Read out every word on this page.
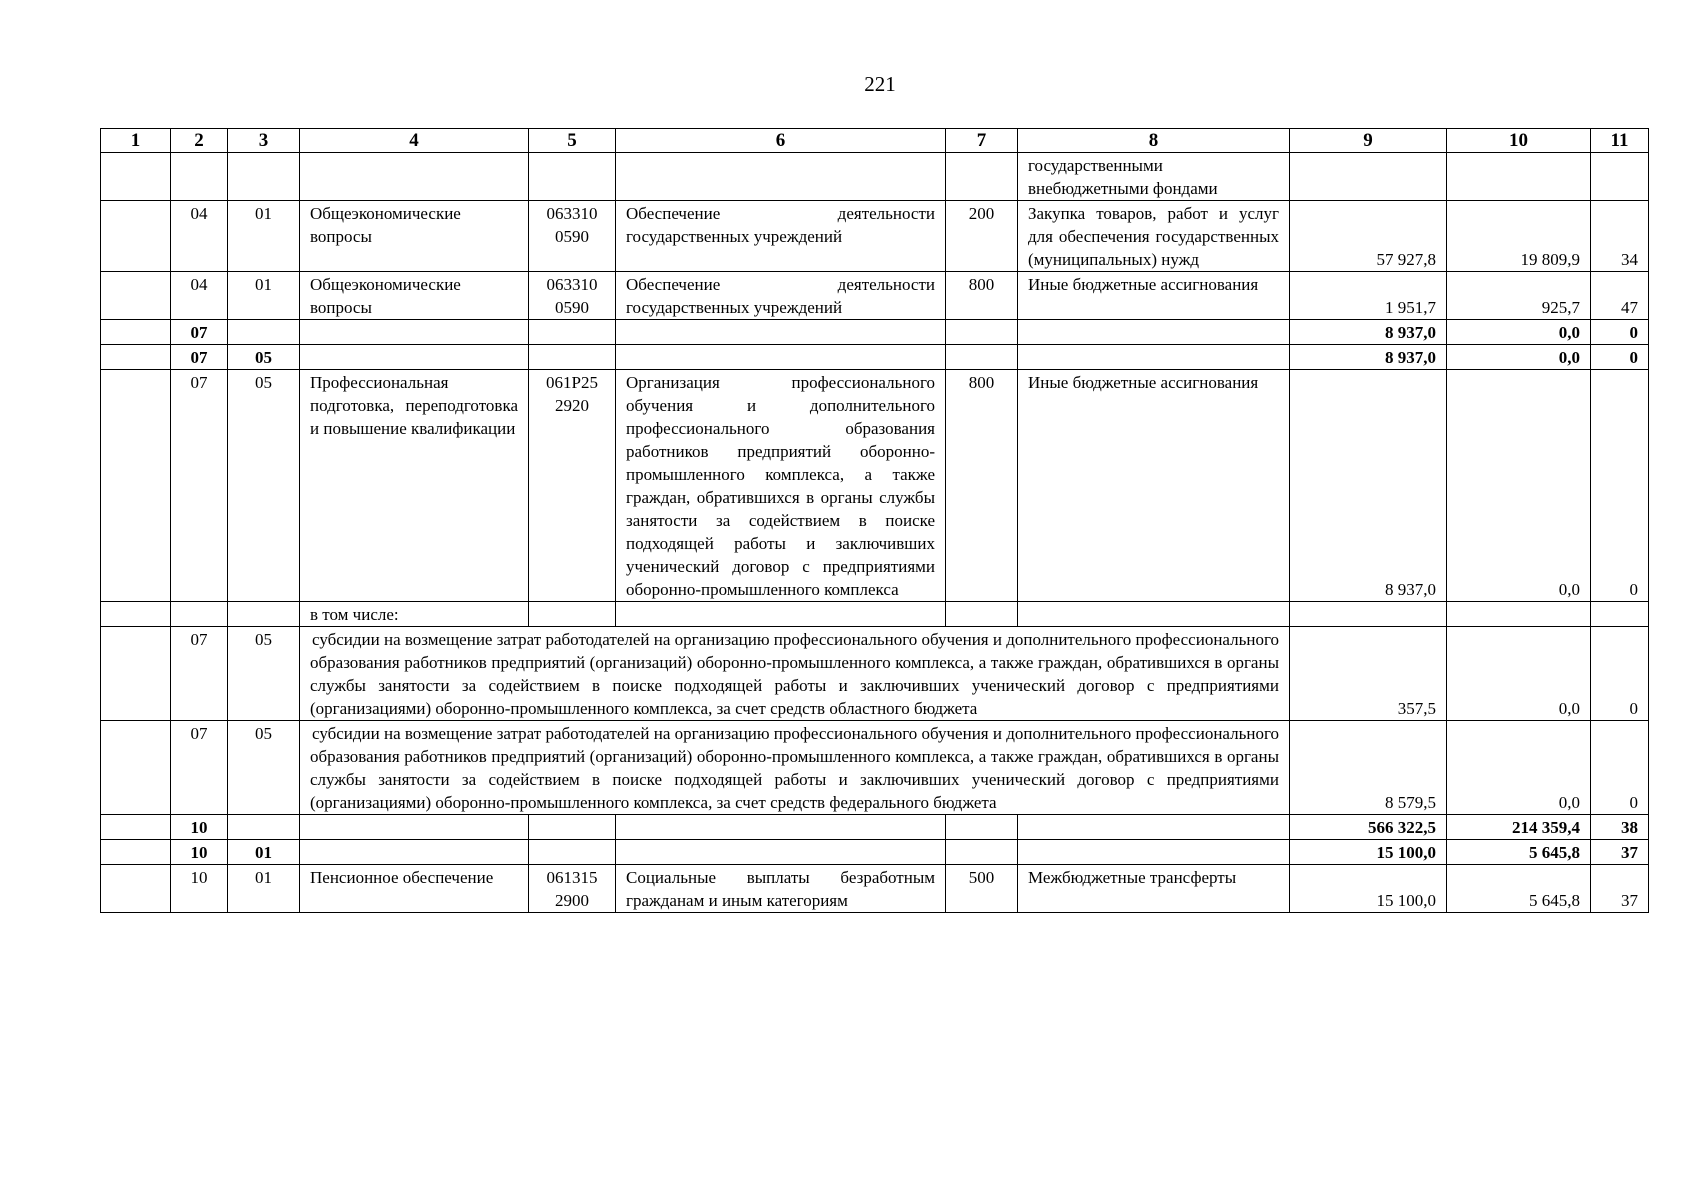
221
1	2	3	4	5	6	7	8	9	10	11
							государственными внебюджетными фондами			
	04	01	Общеэкономические вопросы	063310 0590	Обеспечение деятельности государственных учреждений	200	Закупка товаров, работ и услуг для обеспечения государственных (муниципальных) нужд	57 927,8	19 809,9	34
	04	01	Общеэкономические вопросы	063310 0590	Обеспечение деятельности государственных учреждений	800	Иные бюджетные ассигнования	1 951,7	925,7	47
	07							8 937,0	0,0	0
	07	05						8 937,0	0,0	0
	07	05	Профессиональная подготовка, переподготовка и повышение квалификации	061Р25 2920	Организация профессионального обучения и дополнительного профессионального образования работников предприятий оборонно-промышленного комплекса, а также граждан, обратившихся в органы службы занятости за содействием в поиске подходящей работы и заключивших ученический договор с предприятиями оборонно-промышленного комплекса	800	Иные бюджетные ассигнования	8 937,0	0,0	0
			в том числе:							
	07	05	субсидии на возмещение затрат работодателей на организацию профессионального обучения и дополнительного профессионального образования работников предприятий (организаций) оборонно-промышленного комплекса, а также граждан, обратившихся в органы службы занятости за содействием в поиске подходящей работы и заключивших ученический договор с предприятиями (организациями) оборонно-промышленного комплекса, за счет средств областного бюджета					357,5	0,0	0
	07	05	субсидии на возмещение затрат работодателей на организацию профессионального обучения и дополнительного профессионального образования работников предприятий (организаций) оборонно-промышленного комплекса, а также граждан, обратившихся в органы службы занятости за содействием в поиске подходящей работы и заключивших ученический договор с предприятиями (организациями) оборонно-промышленного комплекса, за счет средств федерального бюджета					8 579,5	0,0	0
	10							566 322,5	214 359,4	38
	10	01						15 100,0	5 645,8	37
	10	01	Пенсионное обеспечение	061315 2900	Социальные выплаты безработным гражданам и иным категориям	500	Межбюджетные трансферты	15 100,0	5 645,8	37
